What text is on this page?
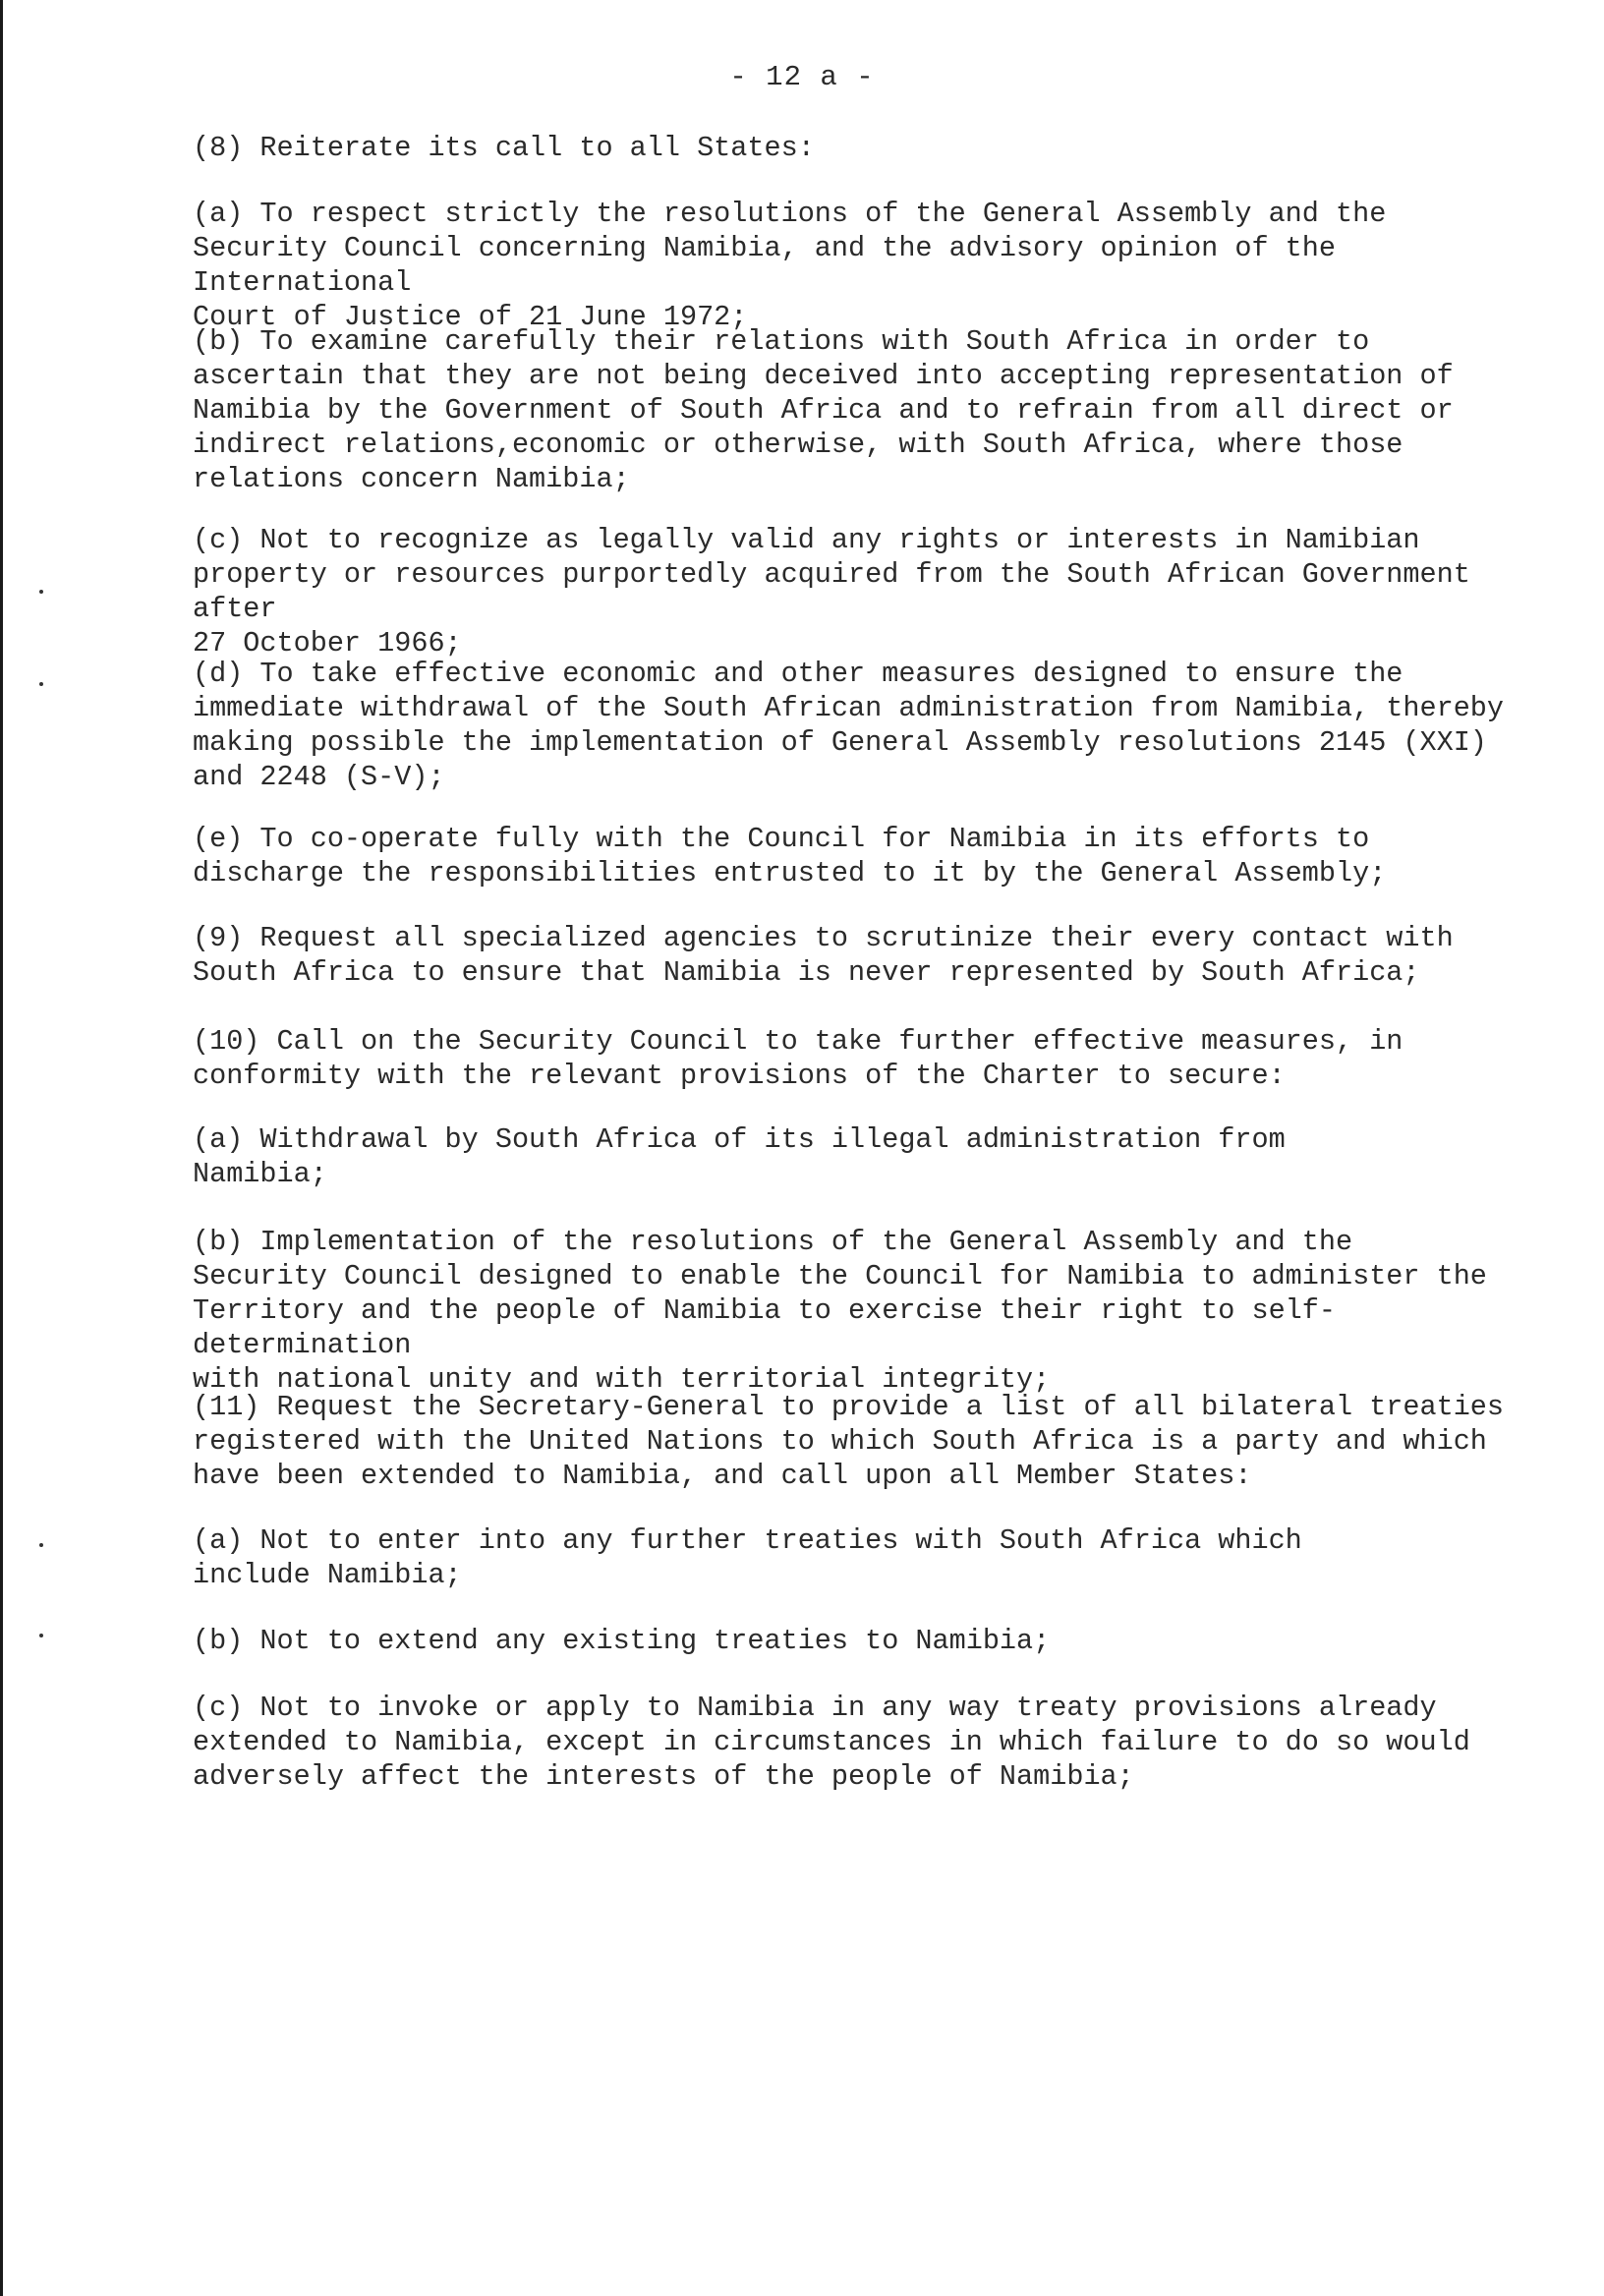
- 12 a -

(8) Reiterate its call to all States:

(a) To respect strictly the resolutions of the General Assembly and the
Security Council concerning Namibia, and the advisory opinion of the International
Court of Justice of 21 June 1972;

(b) To examine carefully their relations with South Africa in order to
ascertain that they are not being deceived into accepting representation of
Namibia by the Government of South Africa and to refrain from all direct or
indirect relations,economic or otherwise, with South Africa, where those
relations concern Namibia;

(c) Not to recognize as legally valid any rights or interests in Namibian
property or resources purportedly acquired from the South African Government after
27 October 1966;

(d) To take effective economic and other measures designed to ensure the
immediate withdrawal of the South African administration from Namibia, thereby
making possible the implementation of General Assembly resolutions 2145 (XXI)
and 2248 (S-V);

(e) To co-operate fully with the Council for Namibia in its efforts to
discharge the responsibilities entrusted to it by the General Assembly;

(9) Request all specialized agencies to scrutinize their every contact with
South Africa to ensure that Namibia is never represented by South Africa;

(10) Call on the Security Council to take further effective measures, in
conformity with the relevant provisions of the Charter to secure:

(a) Withdrawal by South Africa of its illegal administration from
Namibia;

(b) Implementation of the resolutions of the General Assembly and the
Security Council designed to enable the Council for Namibia to administer the
Territory and the people of Namibia to exercise their right to self-determination
with national unity and with territorial integrity;

(11) Request the Secretary-General to provide a list of all bilateral treaties
registered with the United Nations to which South Africa is a party and which
have been extended to Namibia, and call upon all Member States:

(a) Not to enter into any further treaties with South Africa which
include Namibia;

(b) Not to extend any existing treaties to Namibia;

(c) Not to invoke or apply to Namibia in any way treaty provisions already
extended to Namibia, except in circumstances in which failure to do so would
adversely affect the interests of the people of Namibia;
